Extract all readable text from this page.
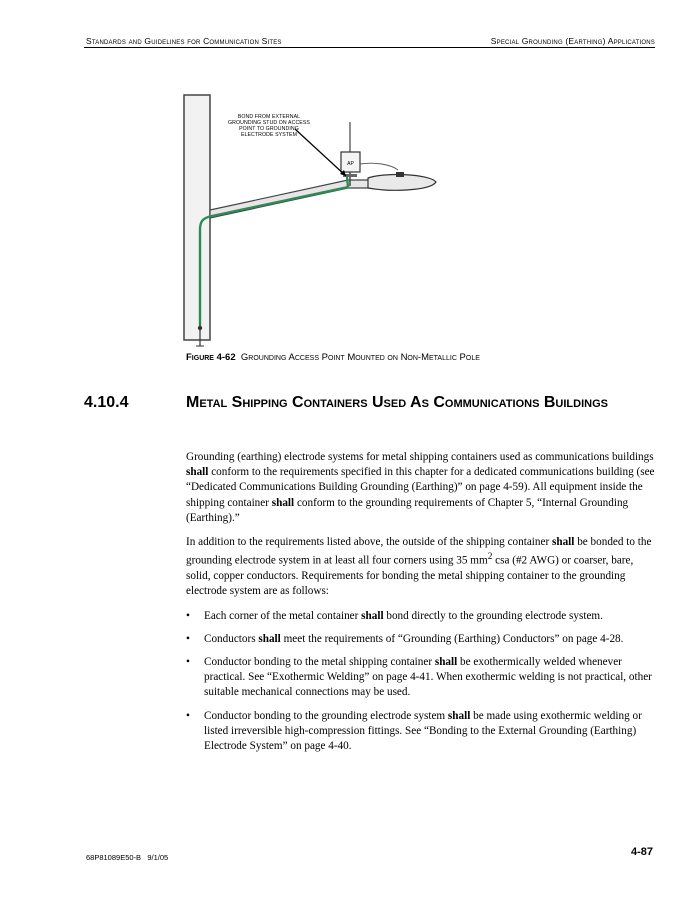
Standards and Guidelines for Communication Sites	Special Grounding (Earthing) Applications
AP
BOND FROM EXTERNAL
GROUNDING STUD ON ACCESS
POINT TO GROUNDING
ELECTRODE SYSTEM
Figure 4-62 Grounding Access Point Mounted on Non-Metallic Pole
4.10.4	Metal Shipping Containers Used As Communications Buildings

Grounding (earthing) electrode systems for metal shipping containers used as communications buildings shall conform to the requirements specified in this chapter for a dedicated communications building (see “Dedicated Communications Building Grounding (Earthing)” on page 4-59). All equipment inside the shipping container shall conform to the grounding requirements of Chapter 5, “Internal Grounding (Earthing).”

In addition to the requirements listed above, the outside of the shipping container shall be bonded to the grounding electrode system in at least all four corners using 35 $mm^2$ csa (#2 AWG) or coarser, bare, solid, copper conductors. Requirements for bonding the metal shipping container to the grounding electrode system are as follows:

• Each corner of the metal container shall bond directly to the grounding electrode system.
• Conductors shall meet the requirements of “Grounding (Earthing) Conductors” on page 4-28.
• Conductor bonding to the metal shipping container shall be exothermically welded whenever practical. See “Exothermic Welding” on page 4-41. When exothermic welding is not practical, other suitable mechanical connections may be used.
• Conductor bonding to the grounding electrode system shall be made using exothermic welding or listed irreversible high-compression fittings. See “Bonding to the External Grounding (Earthing) Electrode System” on page 4-40.
68P81089E50-B 9/1/05	4-87
